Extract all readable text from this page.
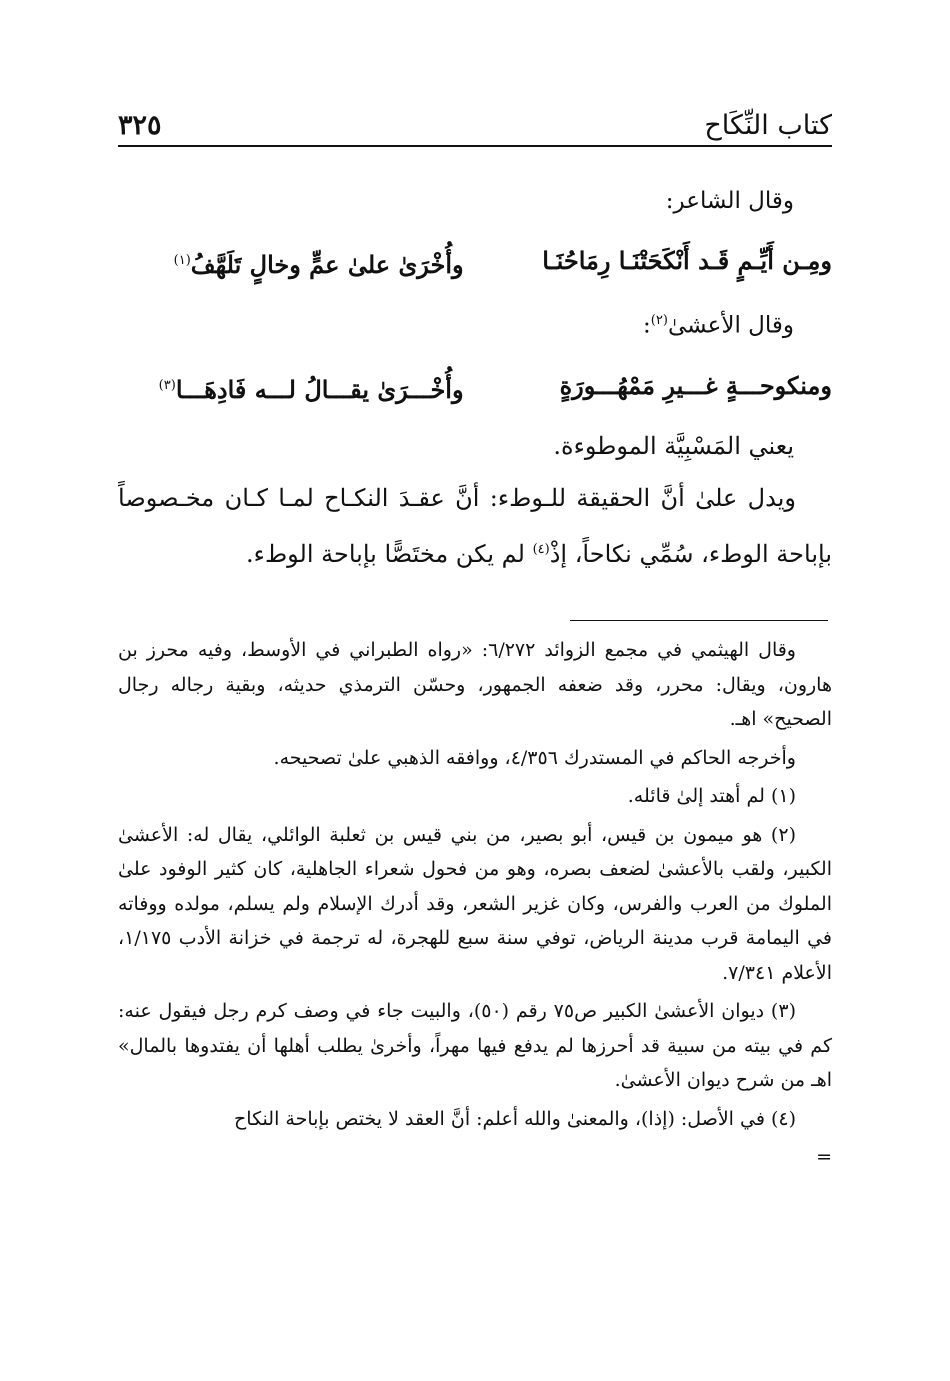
كتاب النِّكَاح
٣٢٥

وقال الشاعر:

ومِـن أَيِّـمٍ قَـد أَنْكَحَتْنَـا رِمَاحُنَـا
وأُخْرَىٰ علىٰ عمٍّ وخالٍ تَلَهَّفُ$^{(١)}$

وقال الأعشىٰ$^{(٢)}$:

ومنكوحـــةٍ غـــيرِ مَمْهُـــورَةٍ
وأُخْـــرَىٰ يقـــالُ لـــه فَادِهَـــا$^{(٣)}$

يعني المَسْبِيَّة الموطوءة.

ويدل علىٰ أنَّ الحقيقة للـوطء: أنَّ عقـدَ النكـاح لمـا كـان مخـصوصاً بإباحة الوطء، سُمِّي نكاحاً، إذْ$^{(٤)}$ لم يكن مختَصًّا بإباحة الوطء.

وقال الهيثمي في مجمع الزوائد ٦/٢٧٢: «رواه الطبراني في الأوسط، وفيه محرز بن هارون، ويقال: محرر، وقد ضعفه الجمهور، وحسّن الترمذي حديثه، وبقية رجاله رجال الصحيح» اهـ.

وأخرجه الحاكم في المستدرك ٤/٣٥٦، ووافقه الذهبي علىٰ تصحيحه.

(١) لم أهتد إلىٰ قائله.

(٢) هو ميمون بن قيس، أبو بصير، من بني قيس بن ثعلبة الوائلي، يقال له: الأعشىٰ الكبير، ولقب بالأعشىٰ لضعف بصره، وهو من فحول شعراء الجاهلية، كان كثير الوفود علىٰ الملوك من العرب والفرس، وكان غزير الشعر، وقد أدرك الإسلام ولم يسلم، مولده ووفاته في اليمامة قرب مدينة الرياض، توفي سنة سبع للهجرة، له ترجمة في خزانة الأدب ١/١٧٥، الأعلام ٧/٣٤١.

(٣) ديوان الأعشىٰ الكبير ص٧٥ رقم (٥٠)، والبيت جاء في وصف كرم رجل فيقول عنه: كم في بيته من سبية قد أحرزها لم يدفع فيها مهراً، وأخرىٰ يطلب أهلها أن يفتدوها بالمال» اهـ من شرح ديوان الأعشىٰ.

(٤) في الأصل: (إذا)، والمعنىٰ والله أعلم: أنَّ العقد لا يختص بإباحة النكاح

=
